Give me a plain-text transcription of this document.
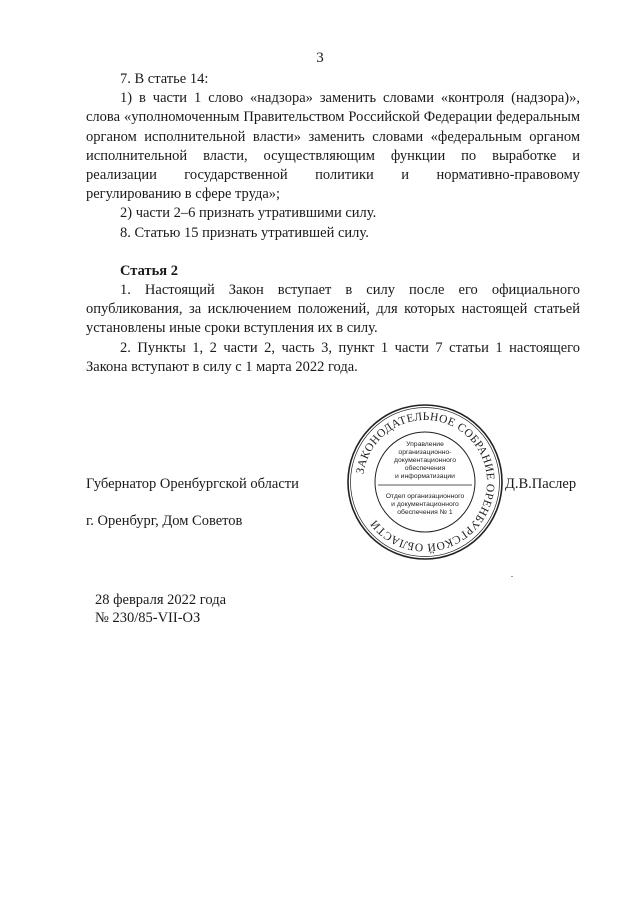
3

7. В статье 14:

1) в части 1 слово «надзора» заменить словами «контроля (надзора)», слова «уполномоченным Правительством Российской Федерации федеральным органом исполнительной власти» заменить словами «федеральным органом исполнительной власти, осуществляющим функции по выработке и реализации государственной политики и нормативно-правовому регулированию в сфере труда»;

2) части 2–6 признать утратившими силу.

8. Статью 15 признать утратившей силу.

Статья 2

1. Настоящий Закон вступает в силу после его официального опубликования, за исключением положений, для которых настоящей статьей установлены иные сроки вступления их в силу.

2. Пункты 1, 2 части 2, часть 3, пункт 1 части 7 статьи 1 настоящего Закона вступают в силу с 1 марта 2022 года.

ЗАКОНОДАТЕЛЬНОЕ СОБРАНИЕ ОРЕНБУРГСКОЙ ОБЛАСТИ
Управление
организационно-
документационного
обеспечения
и информатизации
Отдел организационного
и документационного
обеспечения № 1
Губернатор Оренбургской области	Д.В.Паслер
г. Оренбург, Дом Советов
28 февраля 2022 года
№ 230/85-VII-ОЗ
